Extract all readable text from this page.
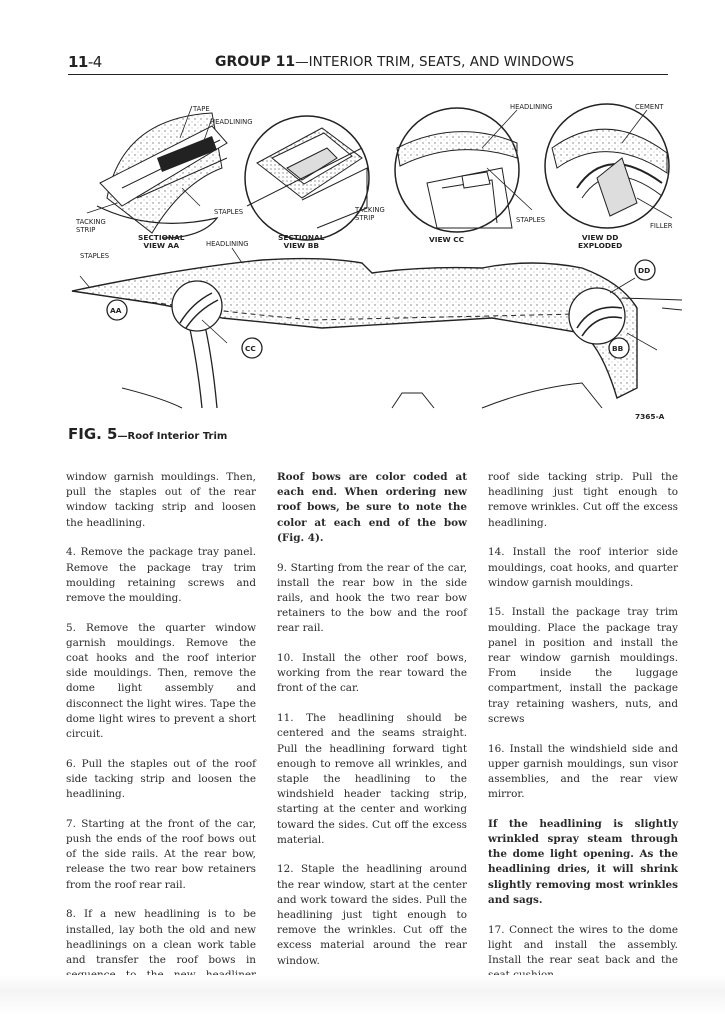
11-4	GROUP 11—INTERIOR TRIM, SEATS, AND WINDOWS
TAPE
HEADLINING
TACKING
STRIP
STAPLES
SECTIONAL
VIEW AA	HEADLINING
STAPLES
TACKING
STRIP
SECTIONAL
VIEW BB
HEADLINING	CEMENT
STAPLES
VIEW CC	VIEW DD
EXPLODED
FILLER
AA
CC
DD
BB
7365-A
FIG. 5—Roof Interior Trim

window garnish mouldings. Then, pull the staples out of the rear window tacking strip and loosen the headlining.

4. Remove the package tray panel. Remove the package tray trim moulding retaining screws and remove the moulding.

5. Remove the quarter window garnish mouldings. Remove the coat hooks and the roof interior side mouldings. Then, remove the dome light assembly and disconnect the light wires. Tape the dome light wires to prevent a short circuit.

6. Pull the staples out of the roof side tacking strip and loosen the headlining.

7. Starting at the front of the car, push the ends of the roof bows out of the side rails. At the rear bow, release the two rear bow retainers from the roof rear rail.

8. If a new headlining is to be installed, lay both the old and new headlinings on a clean work table and transfer the roof bows in

Roof bows are color coded at each end. When ordering new roof bows, be sure to note the color at each end of the bow (Fig. 4).

9. Starting from the rear of the car, install the rear bow in the side rails, and hook the two rear bow retainers to the bow and the roof rear rail.

10. Install the other roof bows, working from the rear toward the front of the car.

11. The headlining should be centered and the seams straight. Pull the headlining forward tight enough to remove all wrinkles, and staple the headlining to the windshield header tacking strip, starting at the center and working toward the sides. Cut off the excess material.

12. Staple the headlining around the rear window, start at the center and work toward the sides. Pull the headlining just tight enough to remove the wrinkles. Cut off the excess material around the rear window.

roof side tacking strip. Pull the headlining just tight enough to remove wrinkles. Cut off the excess headlining.

14. Install the roof interior side mouldings, coat hooks, and quarter window garnish mouldings.

15. Install the package tray trim moulding. Place the package tray panel in position and install the rear window garnish mouldings. From inside the luggage compartment, install the package tray retaining washers, nuts, and screws

16. Install the windshield side and upper garnish mouldings, sun visor assemblies, and the rear view mirror.

If the headlining is slightly wrinkled spray steam through the dome light opening. As the headlining dries, it will shrink slightly removing most wrinkles and sags.

17. Connect the wires to the dome light and install the assembly. Install the rear seat back and the
